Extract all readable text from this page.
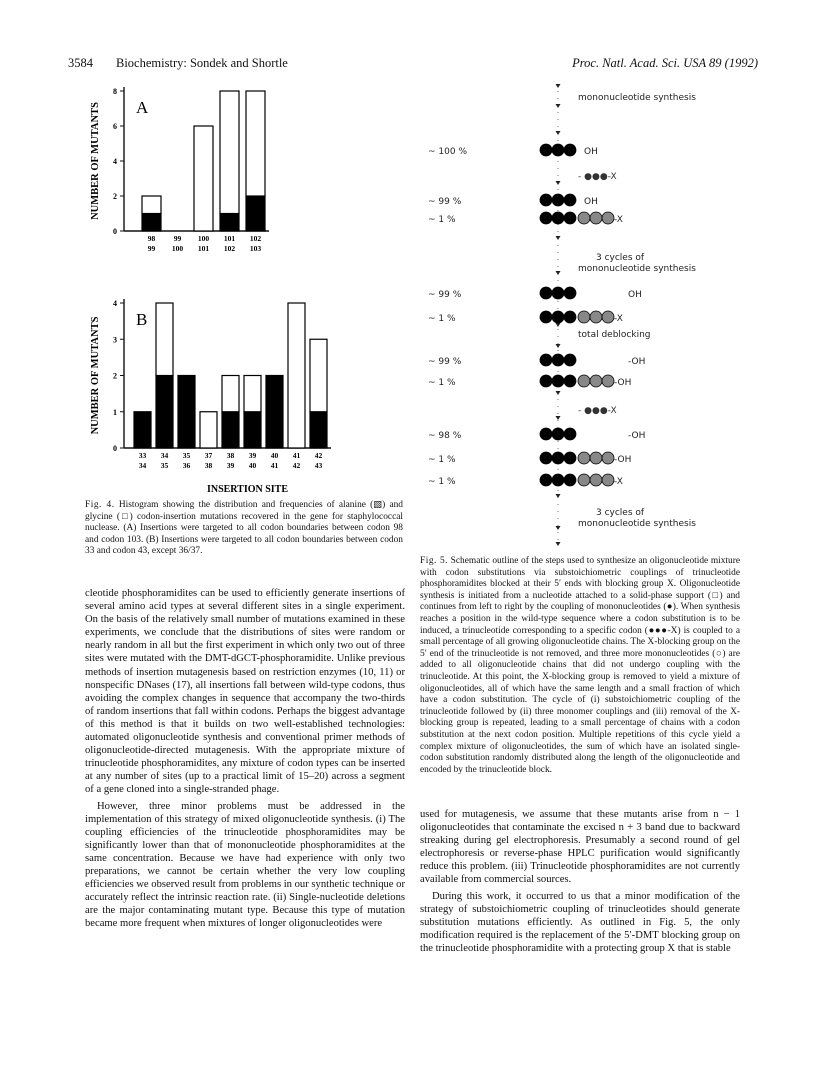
3584 Biochemistry: Sondek and Shortle	Proc. Natl. Acad. Sci. USA 89 (1992)
0
2
4
6
8
NUMBER OF MUTANTS A
98
99
99
100
100
101
101
102
102
103
0
1
2
3
4
NUMBER OF MUTANTS B
33
34
34
35
35
36
37
38
38
39
39
40
40
41
41
42
42
43
INSERTION SITE
Fig. 4. Histogram showing the distribution and frequencies of alanine (▧) and glycine (□) codon-insertion mutations recovered in the gene for staphylococcal nuclease. (A) Insertions were targeted to all codon boundaries between codon 98 and codon 103. (B) Insertions were targeted to all codon boundaries between codon 33 and codon 43, except 36/37.

cleotide phosphoramidites can be used to efficiently generate insertions of several amino acid types at several different sites in a single experiment. On the basis of the relatively small number of mutations examined in these experiments, we conclude that the distributions of sites were random or nearly random in all but the first experiment in which only two out of three sites were mutated with the DMT-dGCT-phosphoramidite. Unlike previous methods of insertion mutagenesis based on restriction enzymes (10, 11) or nonspecific DNases (17), all insertions fall between wild-type codons, thus avoiding the complex changes in sequence that accompany the two-thirds of random insertions that fall within codons. Perhaps the biggest advantage of this method is that it builds on two well-established technologies: automated oligonucleotide synthesis and conventional primer methods of oligonucleotide-directed mutagenesis. With the appropriate mixture of trinucleotide phosphoramidites, any mixture of codon types can be inserted at any number of sites (up to a practical limit of 15–20) across a segment of a gene cloned into a single-stranded phage.

However, three minor problems must be addressed in the implementation of this strategy of mixed oligonucleotide synthesis. (i) The coupling efficiencies of the trinucleotide phosphoramidites may be significantly lower than that of mononucleotide phosphoramidites at the same concentration. Because we have had experience with only two preparations, we cannot be certain whether the very low coupling efficiencies we observed result from problems in our synthetic technique or accurately reflect the intrinsic reaction rate. (ii) Single-nucleotide deletions are the major contaminating mutant type. Because this type of mutation became more frequent when mixtures of longer oligonucleotides were

mononucleotide synthesis
~ 100 %	OH
- ●●●-X
~ 99 %	OH
~ 1 %	-X
3 cycles of
mononucleotide synthesis
~ 99 %	OH
~ 1 %	-X
total deblocking
~ 99 %	-OH
~ 1 %	-OH
- ●●●-X
~ 98 %	-OH
~ 1 %	-OH
~ 1 %	-X
3 cycles of
mononucleotide synthesis
Fig. 5. Schematic outline of the steps used to synthesize an oligonucleotide mixture with codon substitutions via substoichiometric couplings of trinucleotide phosphoramidites blocked at their 5′ ends with blocking group X. Oligonucleotide synthesis is initiated from a nucleotide attached to a solid-phase support (□) and continues from left to right by the coupling of mononucleotides (●). When synthesis reaches a position in the wild-type sequence where a codon substitution is to be induced, a trinucleotide corresponding to a specific codon (●●●-X) is coupled to a small percentage of all growing oligonucleotide chains. The X-blocking group on the 5′ end of the trinucleotide is not removed, and three more mononucleotides (○) are added to all oligonucleotide chains that did not undergo coupling with the trinucleotide. At this point, the X-blocking group is removed to yield a mixture of oligonucleotides, all of which have the same length and a small fraction of which have a codon substitution. The cycle of (i) substoichiometric coupling of the trinucleotide followed by (ii) three monomer couplings and (iii) removal of the X-blocking group is repeated, leading to a small percentage of chains with a codon substitution at the next codon position. Multiple repetitions of this cycle yield a complex mixture of oligonucleotides, the sum of which have an isolated single-codon substitution randomly distributed along the length of the oligonucleotide and encoded by the trinucleotide block.

used for mutagenesis, we assume that these mutants arise from n − 1 oligonucleotides that contaminate the excised n + 3 band due to backward streaking during gel electrophoresis. Presumably a second round of gel electrophoresis or reverse-phase HPLC purification would significantly reduce this problem. (iii) Trinucleotide phosphoramidites are not currently available from commercial sources.

During this work, it occurred to us that a minor modification of the strategy of substoichiometric coupling of trinucleotides should generate substitution mutations efficiently. As outlined in Fig. 5, the only modification required is the replacement of the 5′-DMT blocking group on the trinucleotide phosphoramidite with a protecting group X that is stable
